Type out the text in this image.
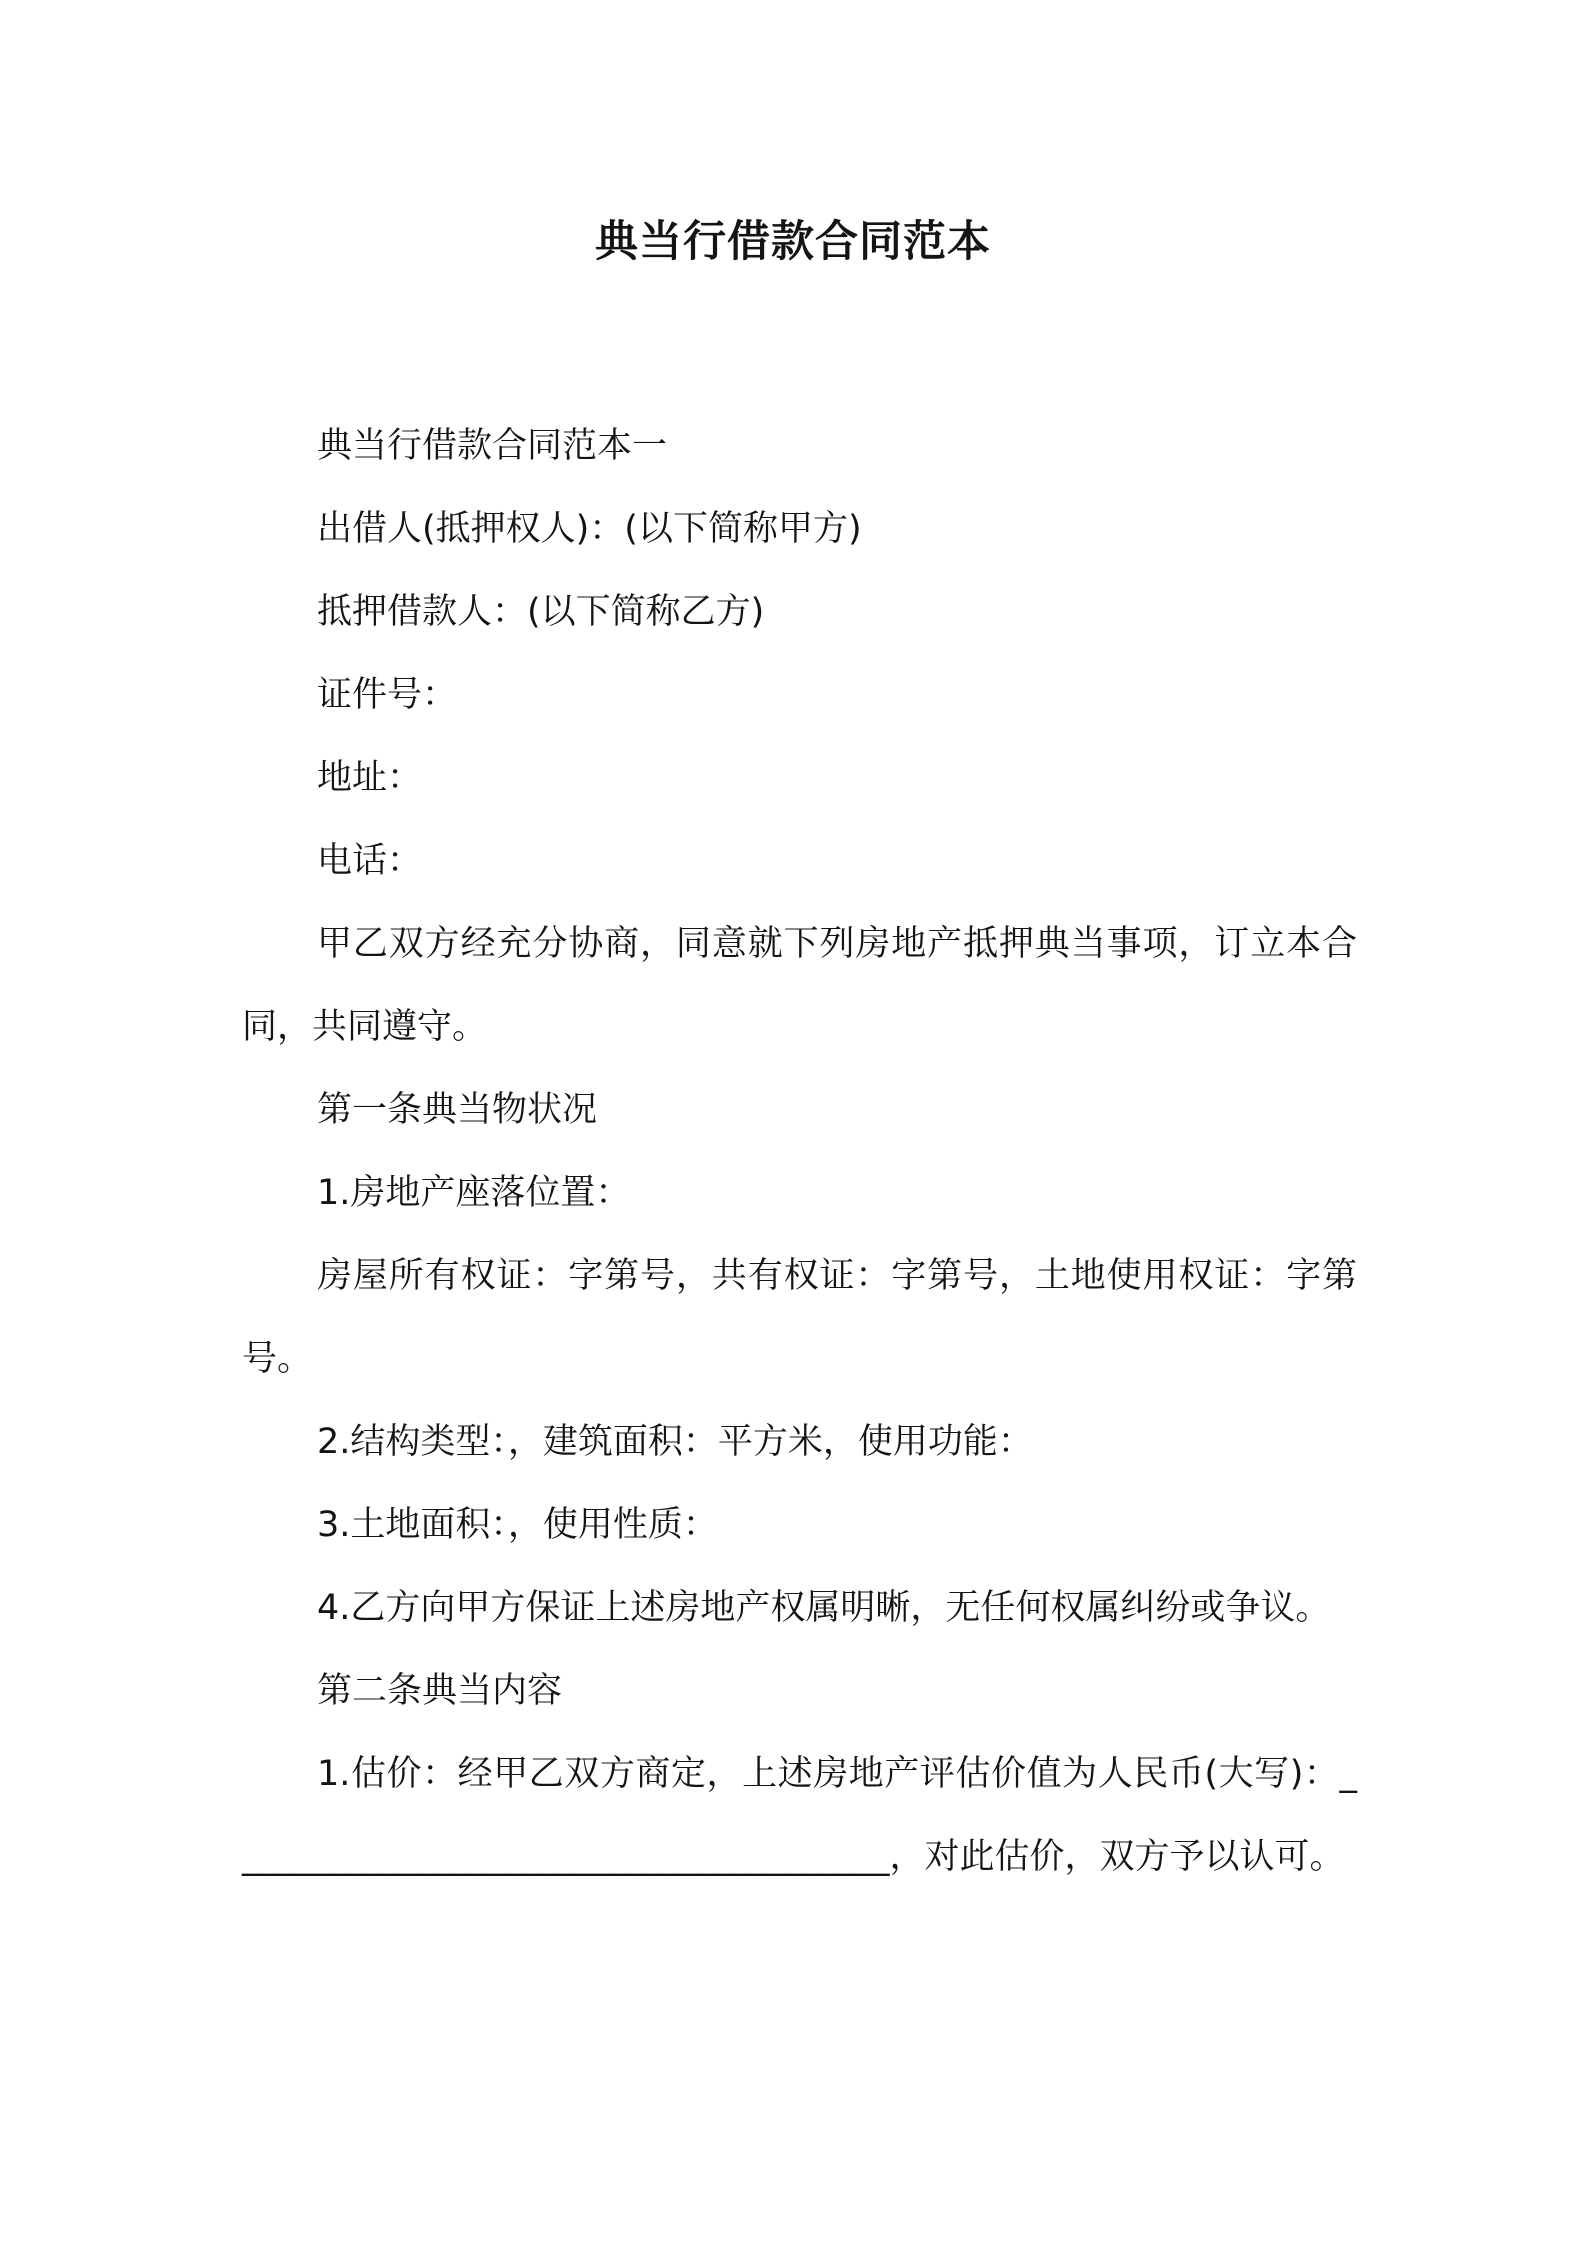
典当行借款合同范本

典当行借款合同范本一

出借人(抵押权人)：(以下简称甲方)

抵押借款人：(以下简称乙方)

证件号：

地址：

电话：

甲乙双方经充分协商，同意就下列房地产抵押典当事项，订立本合同，共同遵守。

第一条典当物状况

1.房地产座落位置：

房屋所有权证：字第号，共有权证：字第号，土地使用权证：字第号。

2.结构类型：，建筑面积：平方米，使用功能：

3.土地面积：，使用性质：

4.乙方向甲方保证上述房地产权属明晰，无任何权属纠纷或争议。

第二条典当内容

1.估价：经甲乙双方商定，上述房地产评估价值为人民币(大写)：______________________________________，对此估价，双方予以认可。
